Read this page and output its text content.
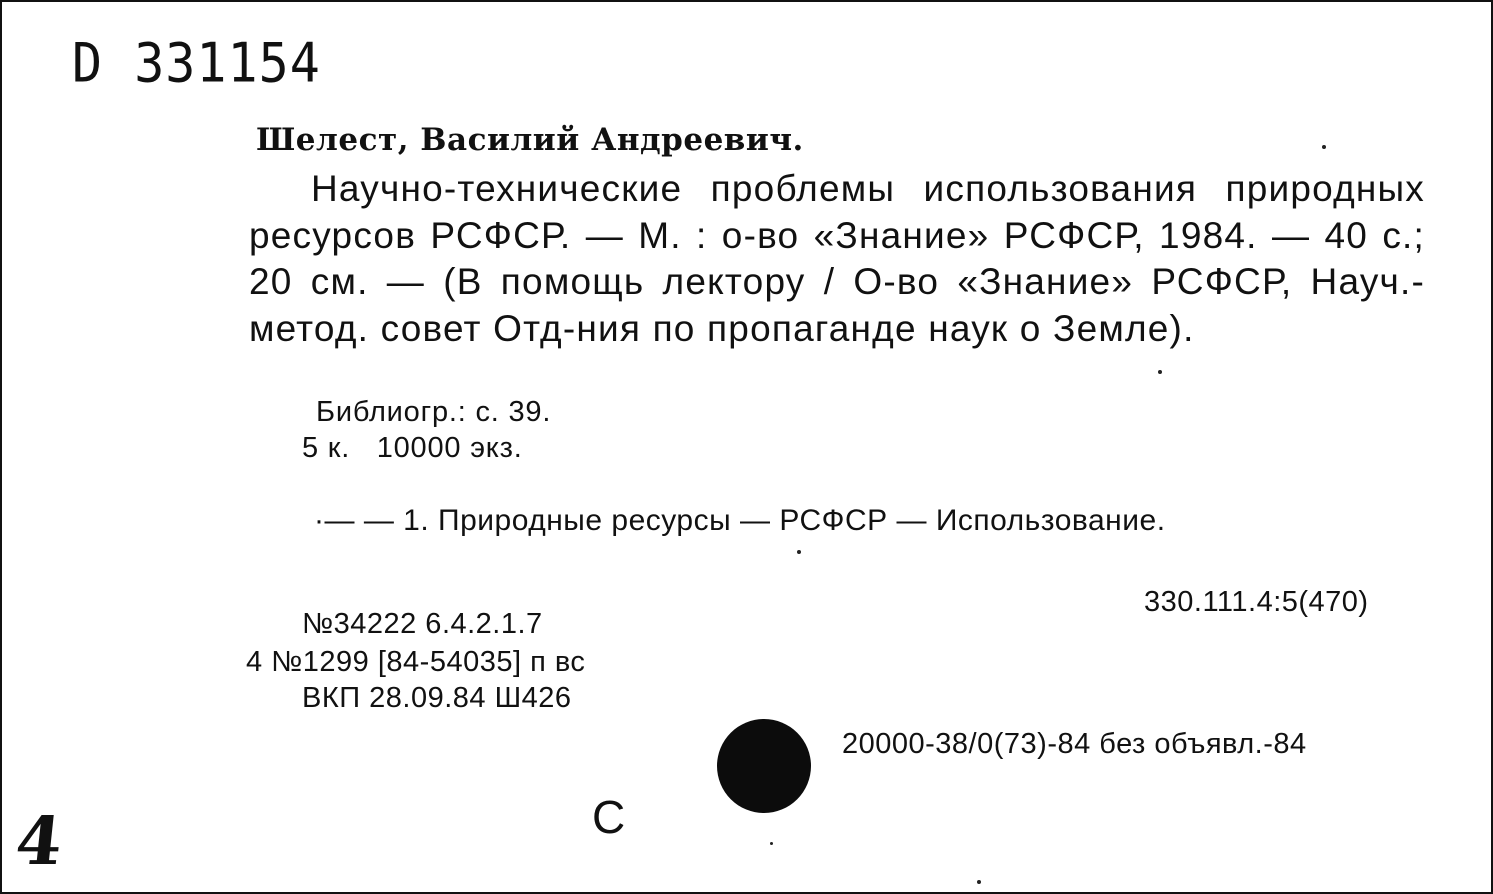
D 331154
Шелест, Василий Андреевич.
Научно-технические проблемы использования природных ресурсов РСФСР. — М. : о-во «Знание» РСФСР, 1984. — 40 с.; 20 см. — (В помощь лектору / О-во «Знание» РСФСР, Науч.-метод. совет Отд-ния по пропаганде наук о Земле).
Библиогр.: с. 39.
5 к.   10000 экз.
·— — 1. Природные ресурсы — РСФСР — Использование.
330.111.4:5(470)
№34222 6.4.2.1.7
4 №1299 [84-54035] п вс
ВКП 28.09.84 Ш426
20000-38/0(73)-84 без объявл.-84
С
4
